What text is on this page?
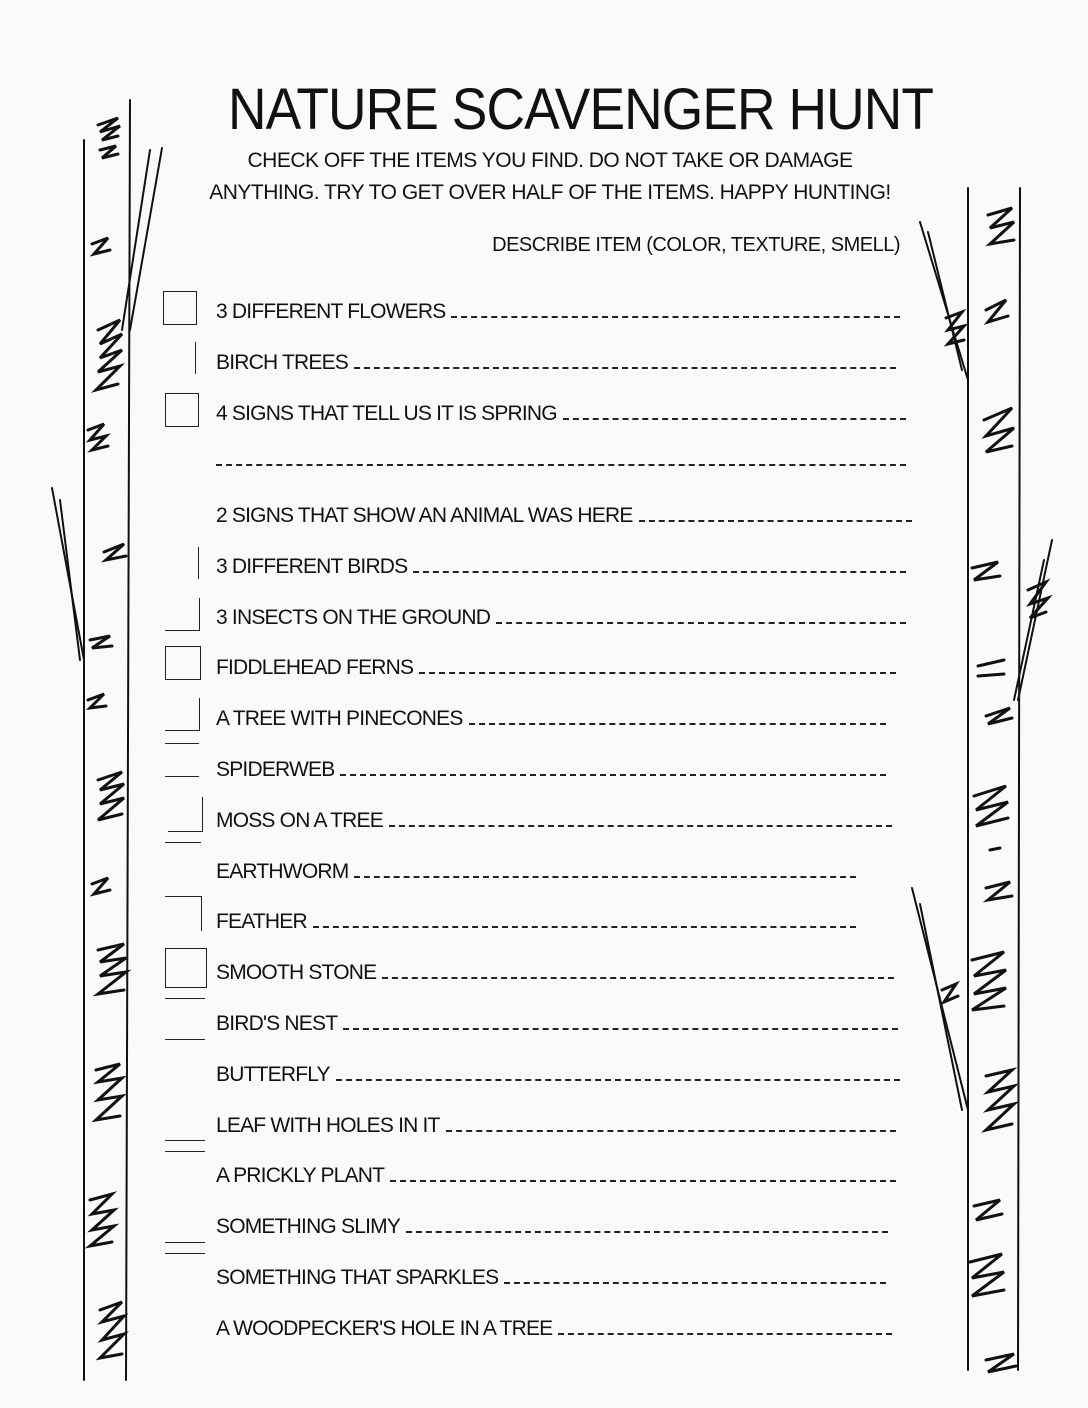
NATURE SCAVENGER HUNT
CHECK OFF THE ITEMS YOU FIND. DO NOT TAKE OR DAMAGE
ANYTHING. TRY TO GET OVER HALF OF THE ITEMS. HAPPY HUNTING!
DESCRIBE ITEM (COLOR, TEXTURE, SMELL)
3 DIFFERENT FLOWERS
BIRCH TREES
4 SIGNS THAT TELL US IT IS SPRING
2 SIGNS THAT SHOW AN ANIMAL WAS HERE
3 DIFFERENT BIRDS
3 INSECTS ON THE GROUND
FIDDLEHEAD FERNS
A TREE WITH PINECONES
SPIDERWEB
MOSS ON A TREE
EARTHWORM
FEATHER
SMOOTH STONE
BIRD'S NEST
BUTTERFLY
LEAF WITH HOLES IN IT
A PRICKLY PLANT
SOMETHING SLIMY
SOMETHING THAT SPARKLES
A WOODPECKER'S HOLE IN A TREE
